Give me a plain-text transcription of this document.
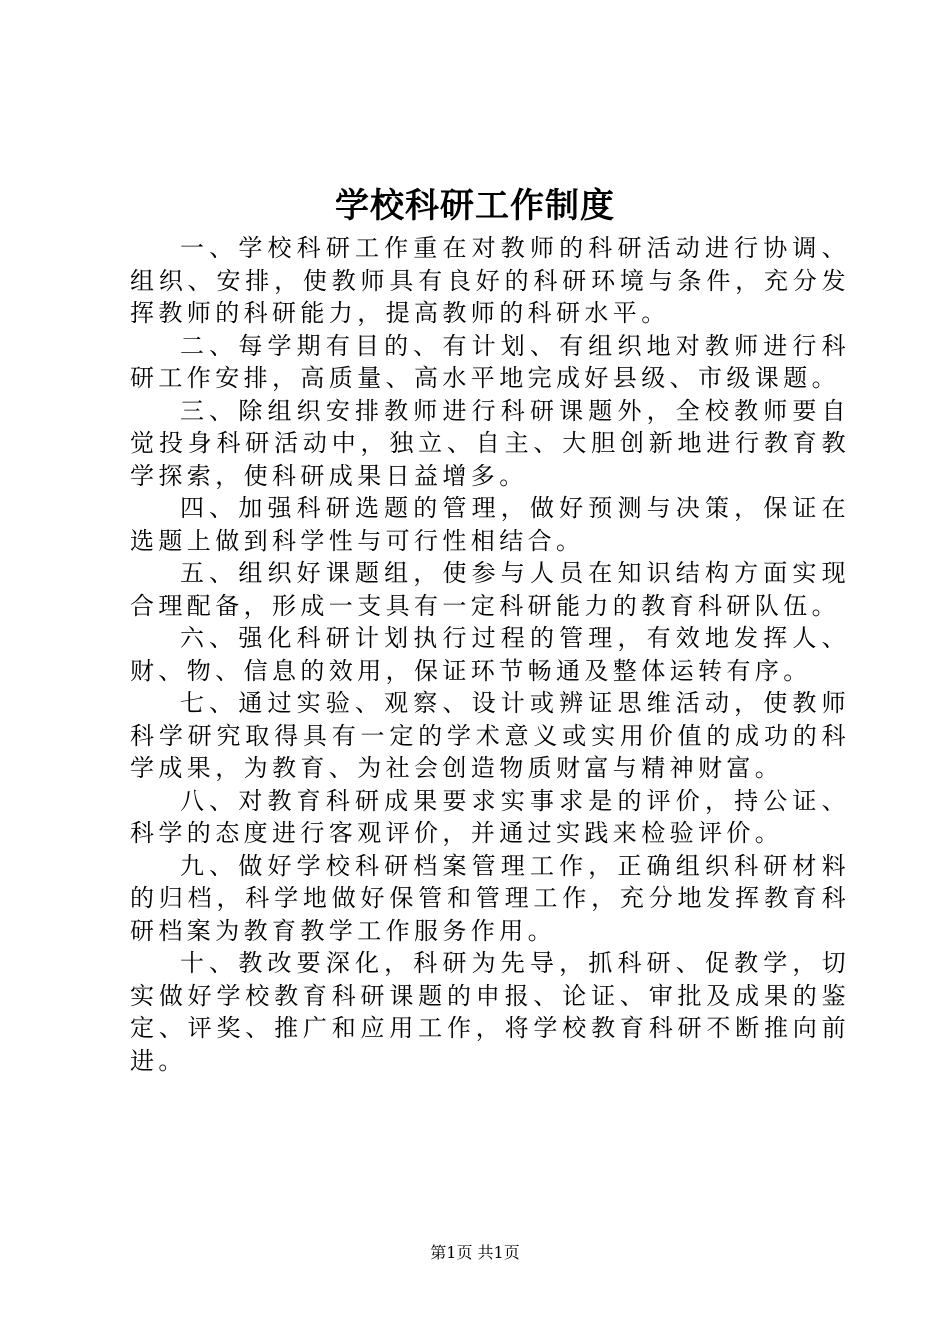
学校科研工作制度

一、学校科研工作重在对教师的科研活动进行协调、组织、安排，使教师具有良好的科研环境与条件，充分发挥教师的科研能力，提高教师的科研水平。

二、每学期有目的、有计划、有组织地对教师进行科研工作安排，高质量、高水平地完成好县级、市级课题。

三、除组织安排教师进行科研课题外，全校教师要自觉投身科研活动中，独立、自主、大胆创新地进行教育教学探索，使科研成果日益增多。

四、加强科研选题的管理，做好预测与决策，保证在选题上做到科学性与可行性相结合。

五、组织好课题组，使参与人员在知识结构方面实现合理配备，形成一支具有一定科研能力的教育科研队伍。

六、强化科研计划执行过程的管理，有效地发挥人、财、物、信息的效用，保证环节畅通及整体运转有序。

七、通过实验、观察、设计或辨证思维活动，使教师科学研究取得具有一定的学术意义或实用价值的成功的科学成果，为教育、为社会创造物质财富与精神财富。

八、对教育科研成果要求实事求是的评价，持公证、科学的态度进行客观评价，并通过实践来检验评价。

九、做好学校科研档案管理工作，正确组织科研材料的归档，科学地做好保管和管理工作，充分地发挥教育科研档案为教育教学工作服务作用。

十、教改要深化，科研为先导，抓科研、促教学，切实做好学校教育科研课题的申报、论证、审批及成果的鉴定、评奖、推广和应用工作，将学校教育科研不断推向前进。

第1页 共1页
